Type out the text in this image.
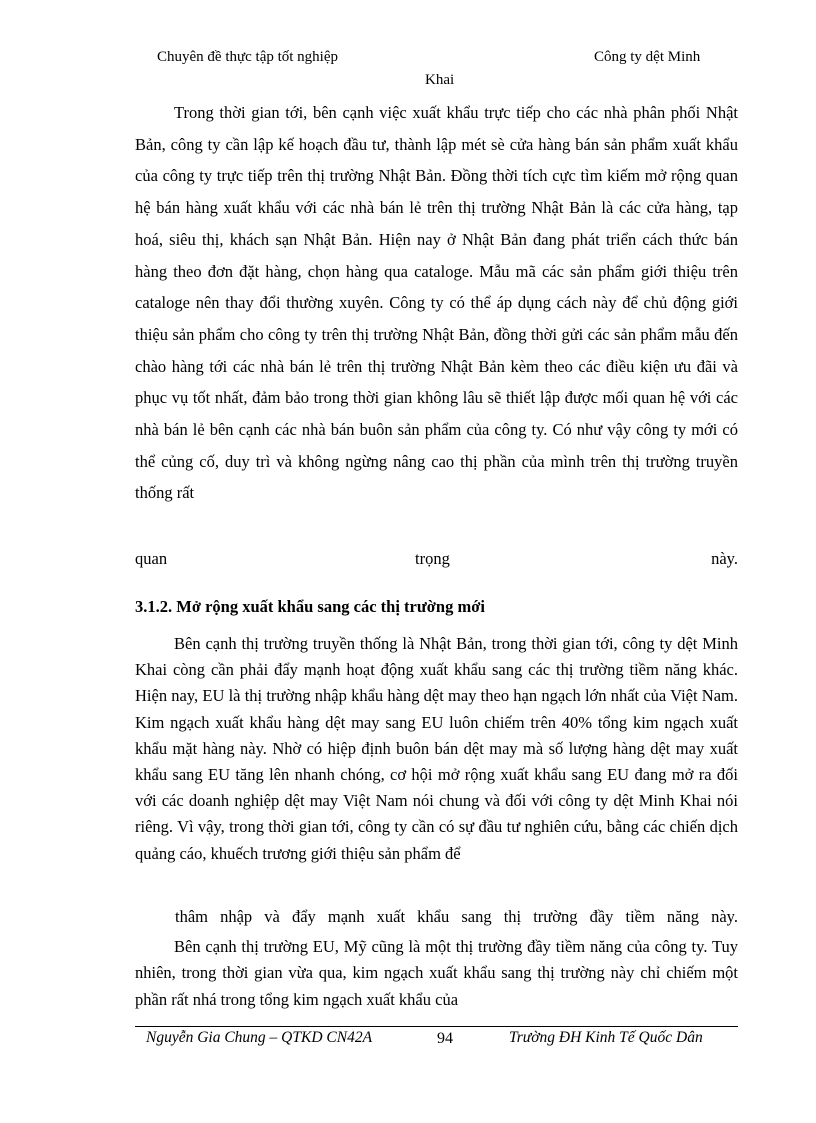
Chuyên đề thực tập tốt nghiệp	Công ty dệt Minh
Khai
Trong thời gian tới, bên cạnh việc xuất khẩu trực tiếp cho các nhà phân phối Nhật Bản, công ty cần lập kế hoạch đầu tư, thành lập mét sè cửa hàng bán sản phẩm xuất khẩu của công ty trực tiếp trên thị trường Nhật Bản. Đồng thời tích cực tìm kiếm mở rộng quan hệ bán hàng xuất khẩu với các nhà bán lẻ trên thị trường Nhật Bản là các cửa hàng, tạp hoá, siêu thị, khách sạn Nhật Bản. Hiện nay ở Nhật Bản đang phát triển cách thức bán hàng theo đơn đặt hàng, chọn hàng qua cataloge. Mẫu mã các sản phẩm giới thiệu trên cataloge nên thay đổi thường xuyên. Công ty có thể áp dụng cách này để chủ động giới thiệu sản phẩm cho công ty trên thị trường Nhật Bản, đồng thời gửi các sản phẩm mẫu đến chào hàng tới các nhà bán lẻ trên thị trường Nhật Bản kèm theo các điều kiện ưu đãi và phục vụ tốt nhất, đảm bảo trong thời gian không lâu sẽ thiết lập được mối quan hệ với các nhà bán lẻ bên cạnh các nhà bán buôn sản phẩm của công ty. Có như vậy công ty mới có thể củng cố, duy trì và không ngừng nâng cao thị phần của mình trên thị trường truyền thống rất
quan	trọng	này.
3.1.2. Mở rộng xuất khẩu sang các thị trường mới
Bên cạnh thị trường truyền thống là Nhật Bản, trong thời gian tới, công ty dệt Minh Khai còng cần phải đẩy mạnh hoạt động xuất khẩu sang các thị trường tiềm năng khác. Hiện nay, EU là thị trường nhập khẩu hàng dệt may theo hạn ngạch lớn nhất của Việt Nam. Kim ngạch xuất khẩu hàng dệt may sang EU luôn chiếm trên 40% tổng kim ngạch xuất khẩu mặt hàng này. Nhờ có hiệp định buôn bán dệt may mà số lượng hàng dệt may xuất khẩu sang EU tăng lên nhanh chóng, cơ hội mở rộng xuất khẩu sang EU đang mở ra đối với các doanh nghiệp dệt may Việt Nam nói chung và đối với công ty dệt Minh Khai nói riêng. Vì vậy, trong thời gian tới, công ty cần có sự đầu tư nghiên cứu, bằng các chiến dịch quảng cáo, khuếch trương giới thiệu sản phẩm để
thâm nhập và đẩy mạnh xuất khẩu sang thị trường đầy tiềm năng này.
Bên cạnh thị trường EU, Mỹ cũng là một thị trường đầy tiềm năng của công ty. Tuy nhiên, trong thời gian vừa qua, kim ngạch xuất khẩu sang thị trường này chỉ chiếm một phần rất nhá trong tổng kim ngạch xuất khẩu của
Nguyễn Gia Chung – QTKD CN42A	94	Trường ĐH Kinh Tế Quốc Dân
